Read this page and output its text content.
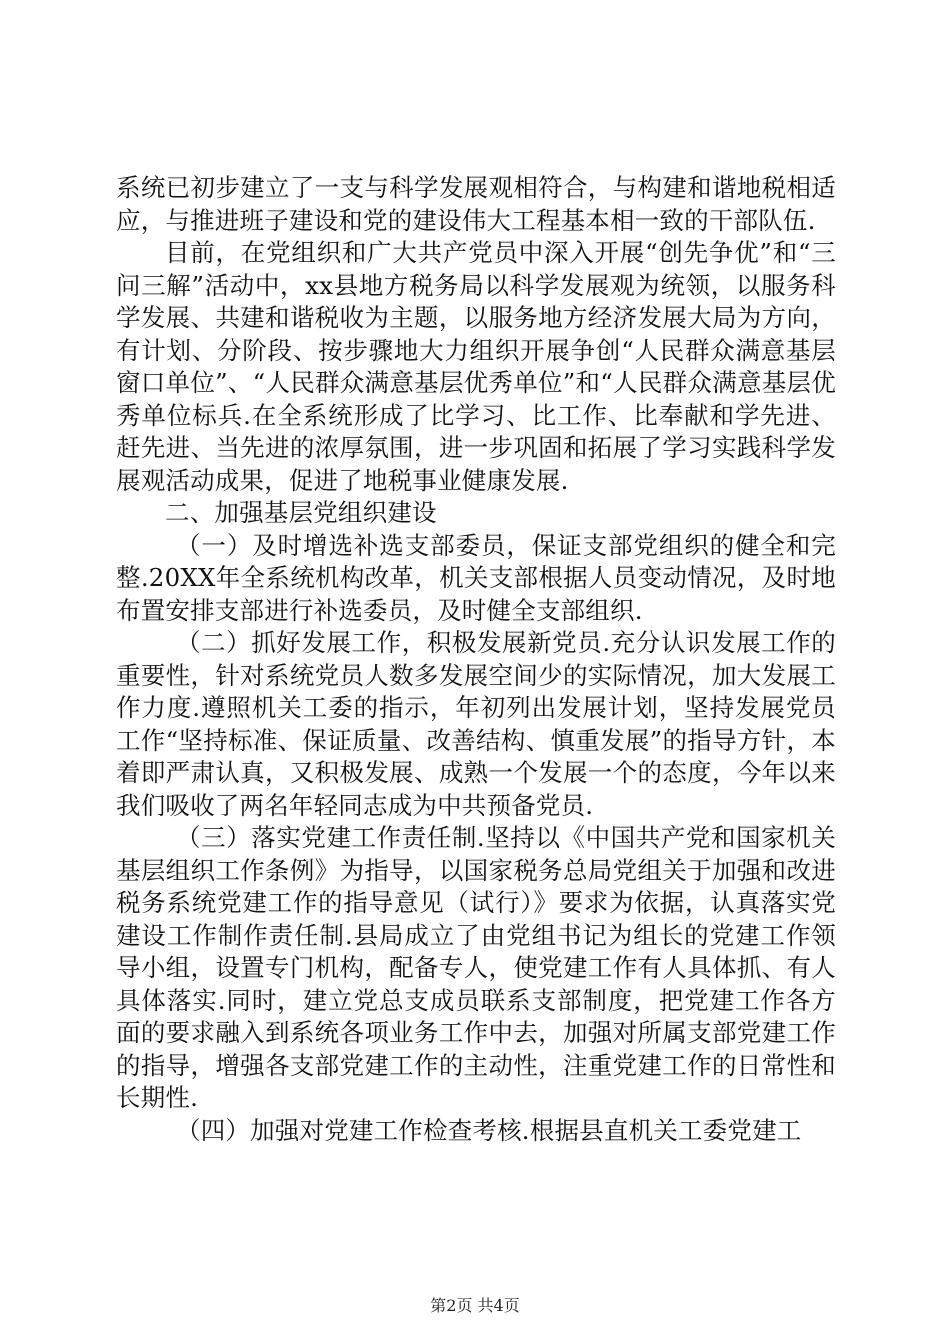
系统已初步建立了一支与科学发展观相符合，与构建和谐地税相适应，与推进班子建设和党的建设伟大工程基本相一致的干部队伍.

目前，在党组织和广大共产党员中深入开展“创先争优”和“三问三解”活动中，xx县地方税务局以科学发展观为统领，以服务科学发展、共建和谐税收为主题，以服务地方经济发展大局为方向，有计划、分阶段、按步骤地大力组织开展争创“人民群众满意基层窗口单位”、“人民群众满意基层优秀单位”和“人民群众满意基层优秀单位标兵.在全系统形成了比学习、比工作、比奉献和学先进、赶先进、当先进的浓厚氛围，进一步巩固和拓展了学习实践科学发展观活动成果，促进了地税事业健康发展.

二、加强基层党组织建设

（一）及时增选补选支部委员，保证支部党组织的健全和完整.20XX年全系统机构改革，机关支部根据人员变动情况，及时地布置安排支部进行补选委员，及时健全支部组织.

（二）抓好发展工作，积极发展新党员.充分认识发展工作的重要性，针对系统党员人数多发展空间少的实际情况，加大发展工作力度.遵照机关工委的指示，年初列出发展计划，坚持发展党员工作“坚持标准、保证质量、改善结构、慎重发展”的指导方针，本着即严肃认真，又积极发展、成熟一个发展一个的态度，今年以来我们吸收了两名年轻同志成为中共预备党员.

（三）落实党建工作责任制.坚持以《中国共产党和国家机关基层组织工作条例》为指导，以国家税务总局党组关于加强和改进税务系统党建工作的指导意见（试行）》要求为依据，认真落实党建设工作制作责任制.县局成立了由党组书记为组长的党建工作领导小组，设置专门机构，配备专人，使党建工作有人具体抓、有人具体落实.同时，建立党总支成员联系支部制度，把党建工作各方面的要求融入到系统各项业务工作中去，加强对所属支部党建工作的指导，增强各支部党建工作的主动性，注重党建工作的日常性和长期性.

（四）加强对党建工作检查考核.根据县直机关工委党建工

第2页 共4页
